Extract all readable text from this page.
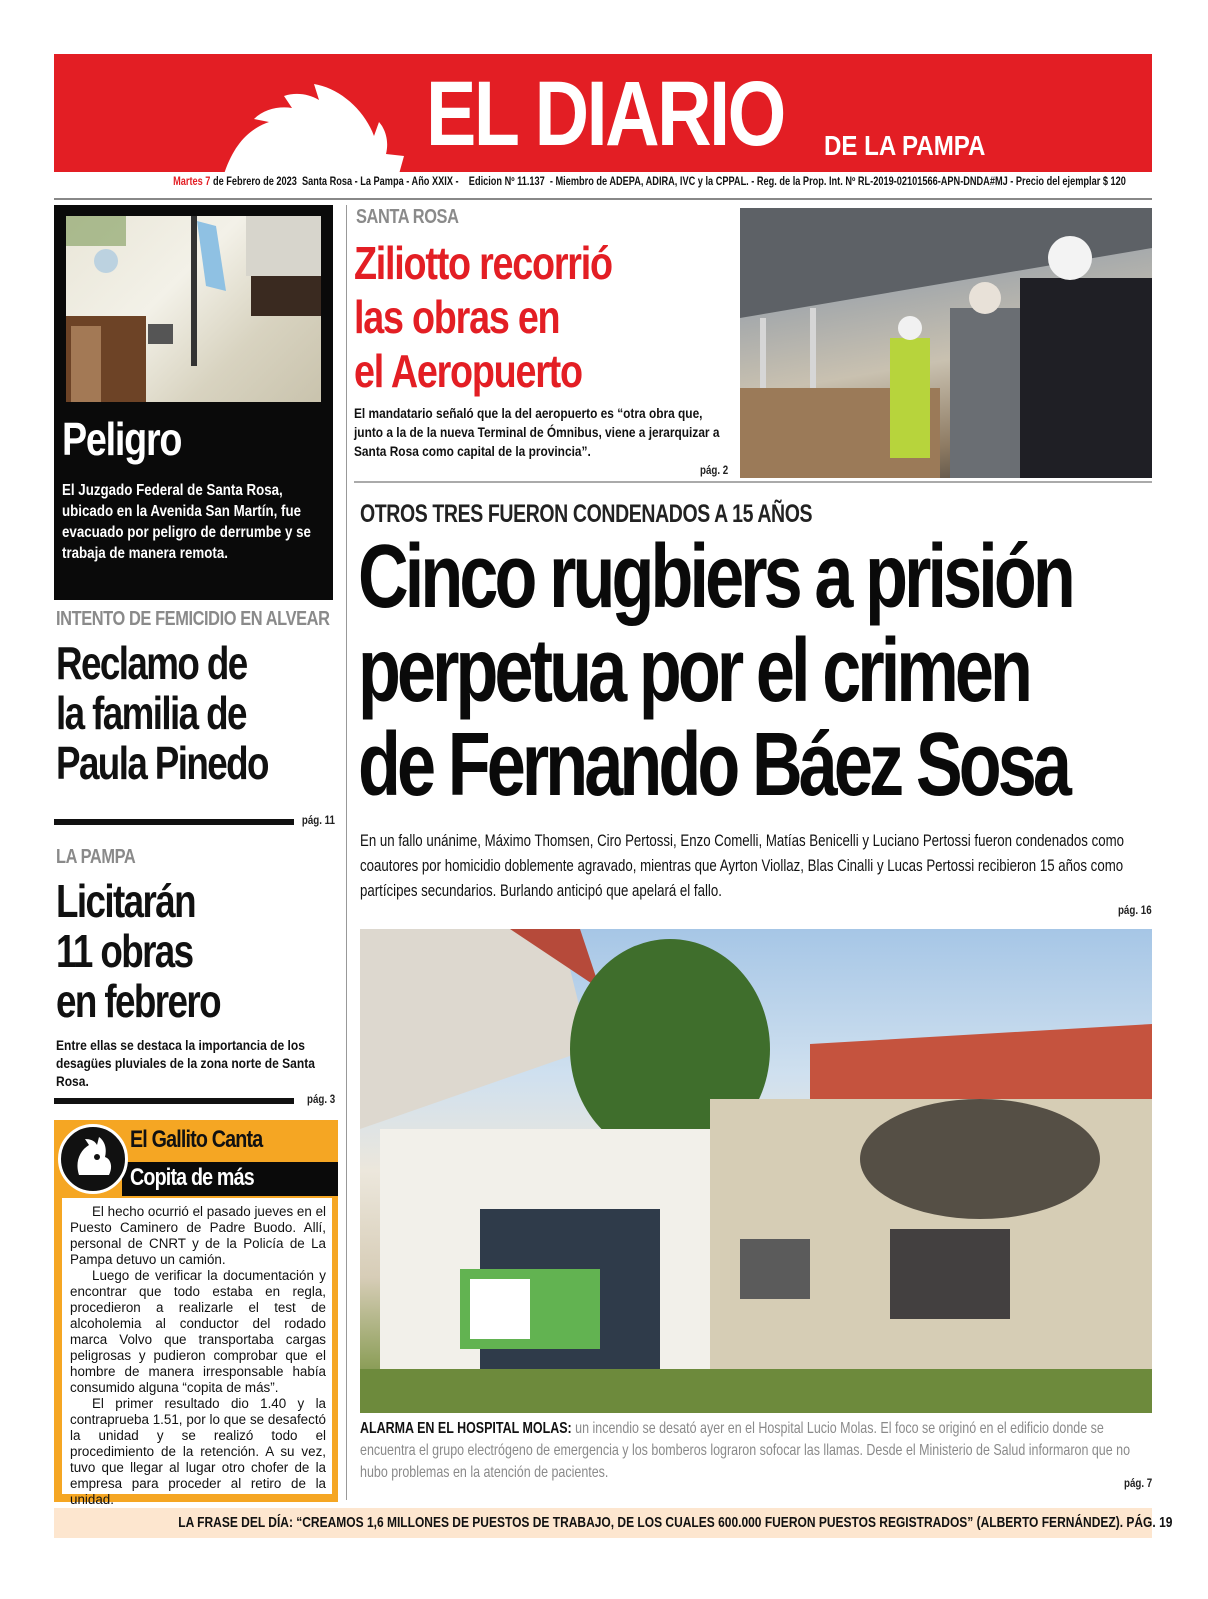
EL DIARIO DE LA PAMPA
Martes 7 de Febrero de 2023 Santa Rosa - La Pampa - Año XXIX - Edicion Nº 11.137 - Miembro de ADEPA, ADIRA, IVC y la CPPAL. - Reg. de la Prop. Int. Nº RL-2019-02101566-APN-DNDA#MJ - Precio del ejemplar $ 120
Peligro
El Juzgado Federal de Santa Rosa, ubicado en la Avenida San Martín, fue evacuado por peligro de derrumbe y se trabaja de manera remota.
INTENTO DE FEMICIDIO EN ALVEAR
Reclamo de
la familia de
Paula Pinedo
pág. 11
LA PAMPA
Licitarán
11 obras
en febrero
Entre ellas se destaca la importancia de los desagües pluviales de la zona norte de Santa Rosa.
pág. 3
El Gallito Canta
Copita de más

El hecho ocurrió el pasado jueves en el Puesto Caminero de Padre Buodo. Allí, personal de CNRT y de la Policía de La Pampa detuvo un camión.

Luego de verificar la documentación y encontrar que todo estaba en regla, procedieron a realizarle el test de alcoholemia al conductor del rodado marca Volvo que transportaba cargas peligrosas y pudieron comprobar que el hombre de manera irresponsable había consumido alguna “copita de más”.

El primer resultado dio 1.40 y la contraprueba 1.51, por lo que se desafectó la unidad y se realizó todo el procedimiento de la retención. A su vez, tuvo que llegar al lugar otro chofer de la empresa para proceder al retiro de la unidad.

SANTA ROSA
Ziliotto recorrió
las obras en
el Aeropuerto
El mandatario señaló que la del aeropuerto es “otra obra que, junto a la de la nueva Terminal de Ómnibus, viene a jerarquizar a Santa Rosa como capital de la provincia”.
pág. 2
OTROS TRES FUERON CONDENADOS A 15 AÑOS
Cinco rugbiers a prisión
perpetua por el crimen
de Fernando Báez Sosa
En un fallo unánime, Máximo Thomsen, Ciro Pertossi, Enzo Comelli, Matías Benicelli y Luciano Pertossi fueron condenados como coautores por homicidio doblemente agravado, mientras que Ayrton Viollaz, Blas Cinalli y Lucas Pertossi recibieron 15 años como partícipes secundarios. Burlando anticipó que apelará el fallo.
pág. 16
ALARMA EN EL HOSPITAL MOLAS: un incendio se desató ayer en el Hospital Lucio Molas. El foco se originó en el edificio donde se encuentra el grupo electrógeno de emergencia y los bomberos lograron sofocar las llamas. Desde el Ministerio de Salud informaron que no hubo problemas en la atención de pacientes.
pág. 7
LA FRASE DEL DÍA: “CREAMOS 1,6 MILLONES DE PUESTOS DE TRABAJO, DE LOS CUALES 600.000 FUERON PUESTOS REGISTRADOS” (ALBERTO FERNÁNDEZ). PÁG. 19
